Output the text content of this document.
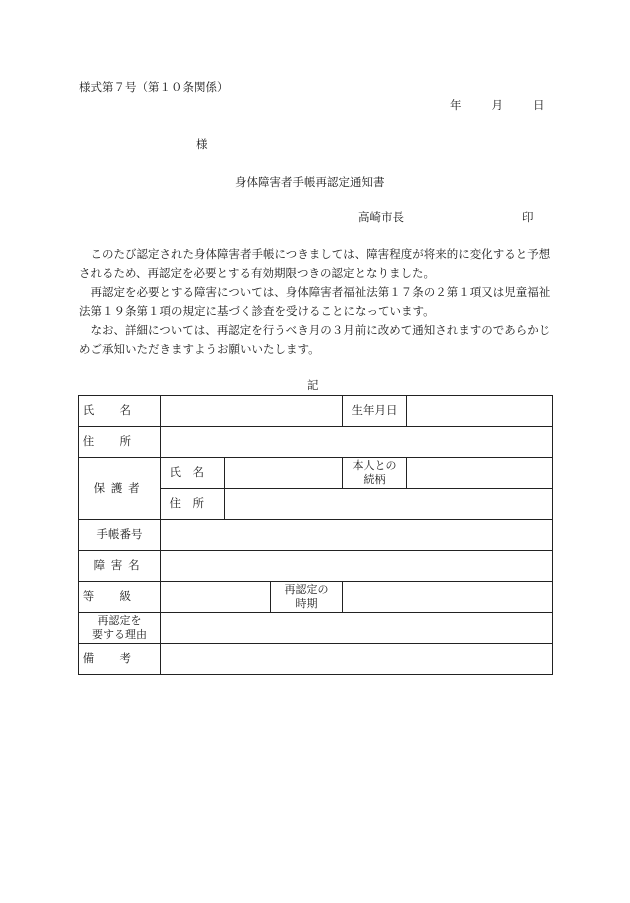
様式第７号（第１０条関係）
年	月	日
様
身体障害者手帳再認定通知書
高崎市長	印
このたび認定された身体障害者手帳につきましては、障害程度が将来的に変化すると予想されるため、再認定を必要とする有効期限つきの認定となりました。
再認定を必要とする障害については、身体障害者福祉法第１７条の２第１項又は児童福祉法第１９条第１項の規定に基づく診査を受けることになっています。
なお、詳細については、再認定を行うべき月の３月前に改めて通知されますのであらかじめご承知いただきますようお願いいたします。
記
氏名				生年月日	
住所					
保護者	氏名			本人との
続柄	

	住所				
手帳番号					
障害名					
等級			再認定の
時期		

再認定を
要する理由					

備考					
